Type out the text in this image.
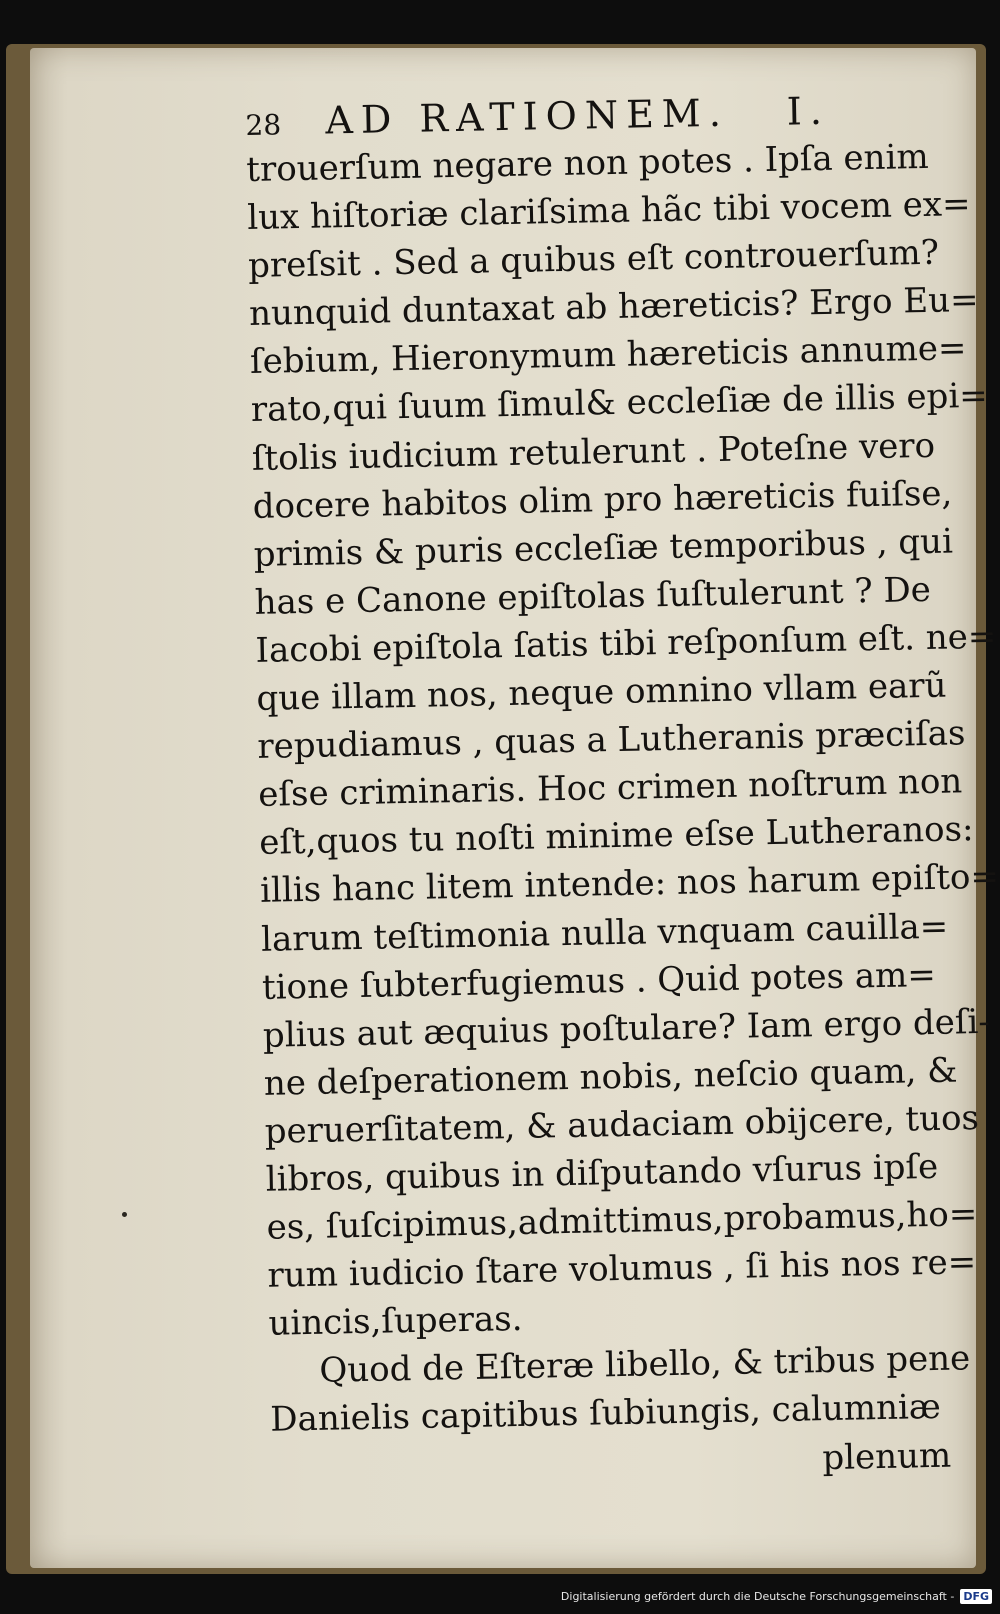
28	AD RATIONEM. I.
trouerſum negare non potes . Ipſa enim
lux hiſtoriæ clariſsima hãc tibi vocem ex=
preſsit . Sed a quibus eſt controuerſum?
nunquid duntaxat ab hæreticis? Ergo Eu=
ſebium, Hieronymum hæreticis annume=
rato,qui ſuum ſimul& eccleſiæ de illis epi=
ſtolis iudicium retulerunt . Poteſne vero
docere habitos olim pro hæreticis fuiſse,
primis & puris eccleſiæ temporibus , qui
has e Canone epiſtolas ſuſtulerunt ? De
Iacobi epiſtola ſatis tibi reſponſum eſt. ne=
que illam nos, neque omnino vllam earũ
repudiamus , quas a Lutheranis præciſas
eſse criminaris. Hoc crimen noſtrum non
eſt,quos tu noſti minime eſse Lutheranos:
illis hanc litem intende: nos harum epiſto=
larum teſtimonia nulla vnquam cauilla=
tione ſubterfugiemus . Quid potes am=
plius aut æquius poſtulare? Iam ergo deſi-
ne deſperationem nobis, neſcio quam, &
peruerſitatem, & audaciam obijcere, tuos
libros, quibus in diſputando vſurus ipſe
es, ſuſcipimus,admittimus,probamus,ho=
rum iudicio ſtare volumus , ſi his nos re=
uincis,ſuperas.
Quod de Eſteræ libello, & tribus pene
Danielis capitibus ſubiungis, calumniæ
plenum
Digitalisierung gefördert durch die Deutsche Forschungsgemeinschaft - DFG
